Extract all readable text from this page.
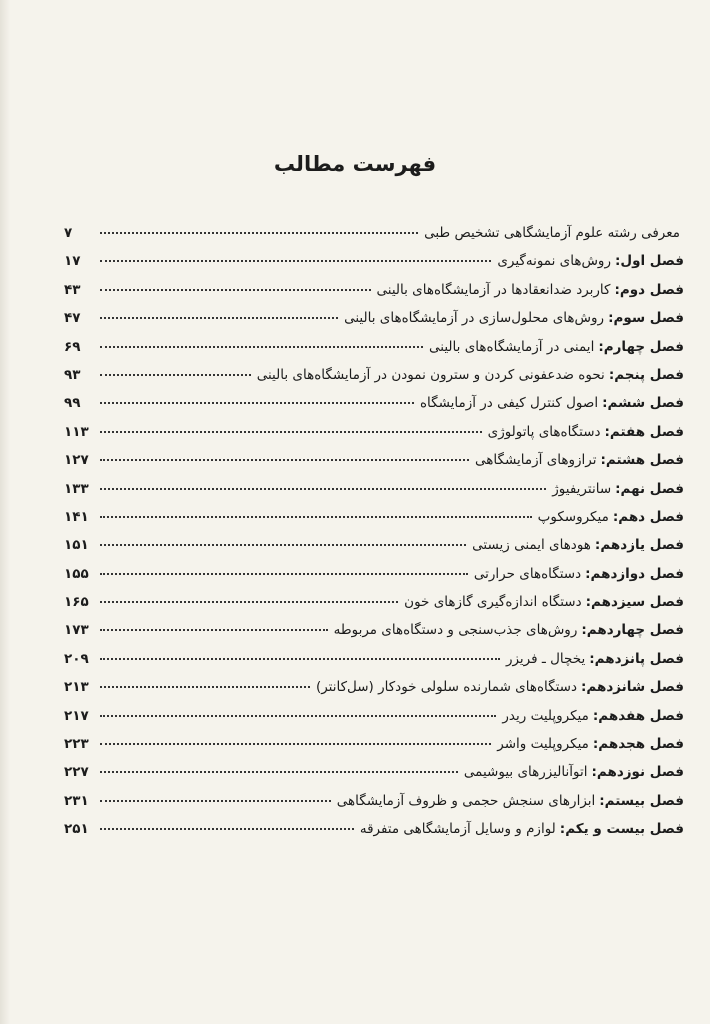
فهرست مطالب
معرفی رشته علوم آزمایشگاهی تشخیص طبی
۷
فصل اول:
روش‌های نمونه‌گیری
۱۷
فصل دوم:
کاربرد ضدانعقادها در آزمایشگاه‌های بالینی
۴۳
فصل سوم:
روش‌های محلول‌سازی در آزمایشگاه‌های بالینی
۴۷
فصل چهارم:
ایمنی در آزمایشگاه‌های بالینی
۶۹
فصل پنجم:
نحوه ضدعفونی کردن و سترون نمودن در آزمایشگاه‌های بالینی
۹۳
فصل ششم:
اصول کنترل کیفی در آزمایشگاه
۹۹
فصل هفتم:
دستگاه‌های پاتولوژی
۱۱۳
فصل هشتم:
ترازوهای آزمایشگاهی
۱۲۷
فصل نهم:
سانتریفیوژ
۱۳۳
فصل دهم:
میکروسکوپ
۱۴۱
فصل یازدهم:
هودهای ایمنی زیستی
۱۵۱
فصل دوازدهم:
دستگاه‌های حرارتی
۱۵۵
فصل سیزدهم:
دستگاه اندازه‌گیری گازهای خون
۱۶۵
فصل چهاردهم:
روش‌های جذب‌سنجی و دستگاه‌های مربوطه
۱۷۳
فصل پانزدهم:
یخچال ـ فریزر
۲۰۹
فصل شانزدهم:
دستگاه‌های شمارنده سلولی خودکار (سل‌کانتر)
۲۱۳
فصل هفدهم:
میکروپلیت ریدر
۲۱۷
فصل هجدهم:
میکروپلیت واشر
۲۲۳
فصل نوزدهم:
اتوآنالیزرهای بیوشیمی
۲۲۷
فصل بیستم:
ابزارهای سنجش حجمی و ظروف آزمایشگاهی
۲۳۱
فصل بیست و یکم:
لوازم و وسایل آزمایشگاهی متفرقه
۲۵۱
